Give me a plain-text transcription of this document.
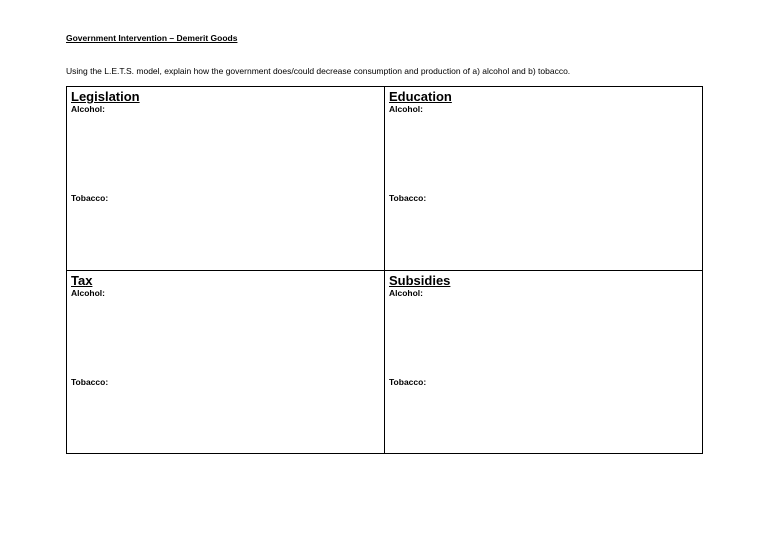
Government Intervention – Demerit Goods
Using the L.E.T.S. model, explain how the government does/could decrease consumption and production of a) alcohol and b) tobacco.
Legislation
Alcohol:
Tobacco:
Education
Alcohol:
Tobacco:
Tax
Alcohol:
Tobacco:
Subsidies
Alcohol:
Tobacco:
